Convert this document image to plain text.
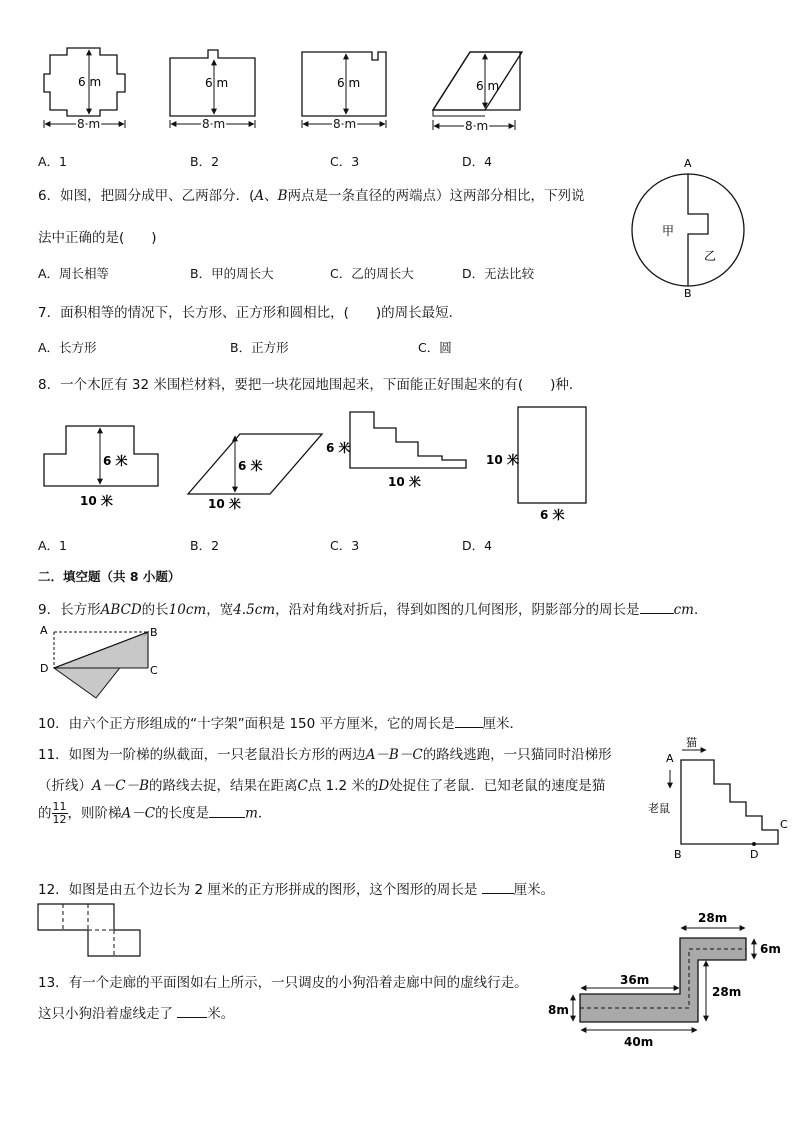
6 m
8 m
6 m
8 m
6 m
8 m
6 m
8 m
A．1	B．2	C．3	D．4
6．如图，把圆分成甲、乙两部分．(A、B两点是一条直径的两端点）这两部分相比，下列说
法中正确的是(　　)
A．周长相等	B．甲的周长大	C．乙的周长大	D．无法比较
A
B
甲
乙
7．面积相等的情况下，长方形、正方形和圆相比，(　　)的周长最短．
A．长方形	B．正方形	C．圆
8．一个木匠有 32 米围栏材料，要把一块花园地围起来，下面能正好围起来的有(　　)种．
6 米
10 米
6 米
10 米
6 米
10 米
10 米
6 米
A．1	B．2	C．3	D．4
二．填空题（共 8 小题）
9．长方形ABCD的长10cm，宽4.5cm，沿对角线对折后，得到如图的几何图形，阴影部分的周长是	cm．
A	B
C
D
10．由六个正方形组成的“十字架”面积是 150 平方厘米，它的周长是 厘米．
11．如图为一阶梯的纵截面，一只老鼠沿长方形的两边A－B－C的路线逃跑，一只猫同时沿梯形
（折线）A－C－B的路线去捉，结果在距离C点 1.2 米的D处捉住了老鼠．已知老鼠的速度是猫
的 $\frac{11}{12}$ ，则阶梯A－C的长度是	m．
猫
A
老鼠
B	D
C
12．如图是由五个边长为 2 厘米的正方形拼成的图形，这个图形的周长是 厘米。
13．有一个走廊的平面图如右上所示，一只调皮的小狗沿着走廊中间的虚线行走。
这只小狗沿着虚线走了 米。
28m
6m
36m
28m
8m
40m
